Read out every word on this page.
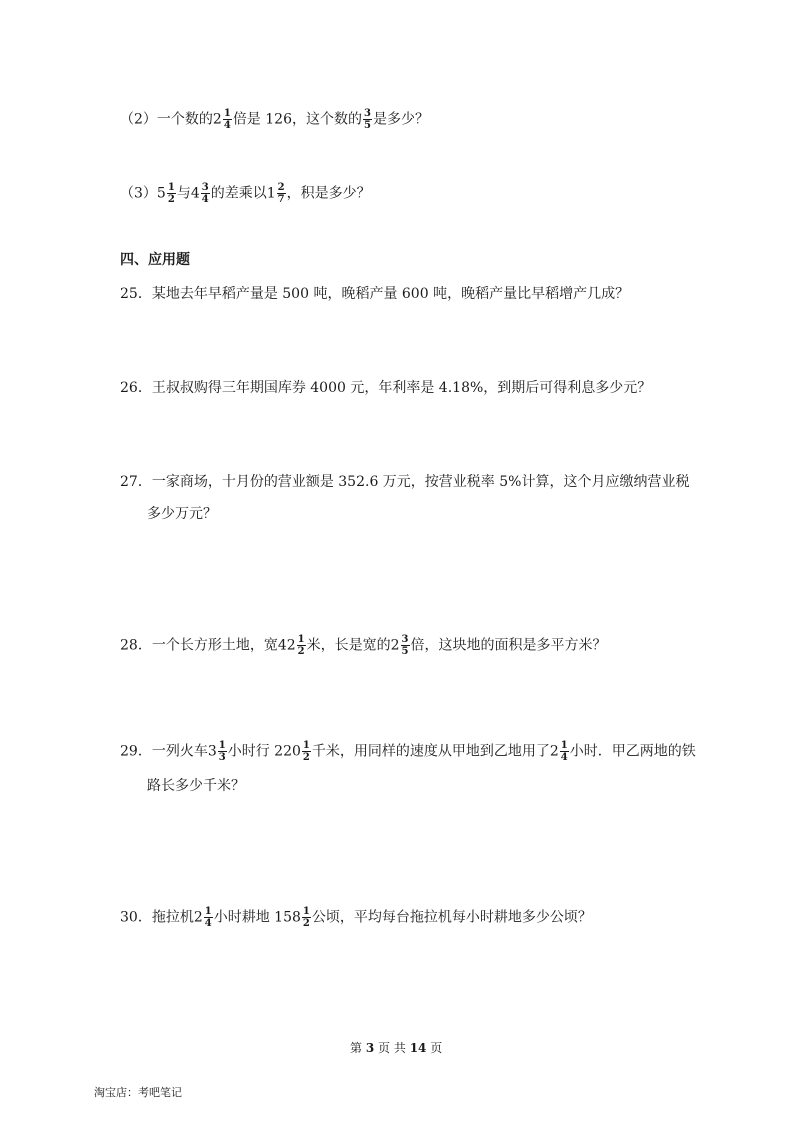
（2）一个数的$2 \frac{1}{4}$ 倍是 126，这个数的 $\frac{3}{5}$ 是多少？
$(3)5 \frac{1}{2}$ 与$4 \frac{3}{4}$ 的差乘以$1 \frac{2}{7}$ ，积是多少？
四、应用题
25．某地去年早稻产量是 500 吨，晚稻产量 600 吨，晚稻产量比早稻增产几成？
26．王叔叔购得三年期国库券 4000 元，年利率是 4.18%，到期后可得利息多少元？
27．一家商场，十月份的营业额是 352.6 万元，按营业税率 5%计算，这个月应缴纳营业税
多少万元？
28．一个长方形土地，宽$42 \frac{1}{2}$ 米，长是宽的$2 \frac{3}{5}$ 倍，这块地的面积是多平方米？
29．一列火车$3 \frac{1}{3}$ 小时行 $220 \frac{1}{2}$ 千米，用同样的速度从甲地到乙地用了$2 \frac{1}{4}$ 小时．甲乙两地的铁
路长多少千米？
30．拖拉机$2 \frac{1}{4}$ 小时耕地 $158 \frac{1}{2}$ 公顷，平均每台拖拉机每小时耕地多少公顷？
第 3 页 共 14 页
淘宝店：考吧笔记
